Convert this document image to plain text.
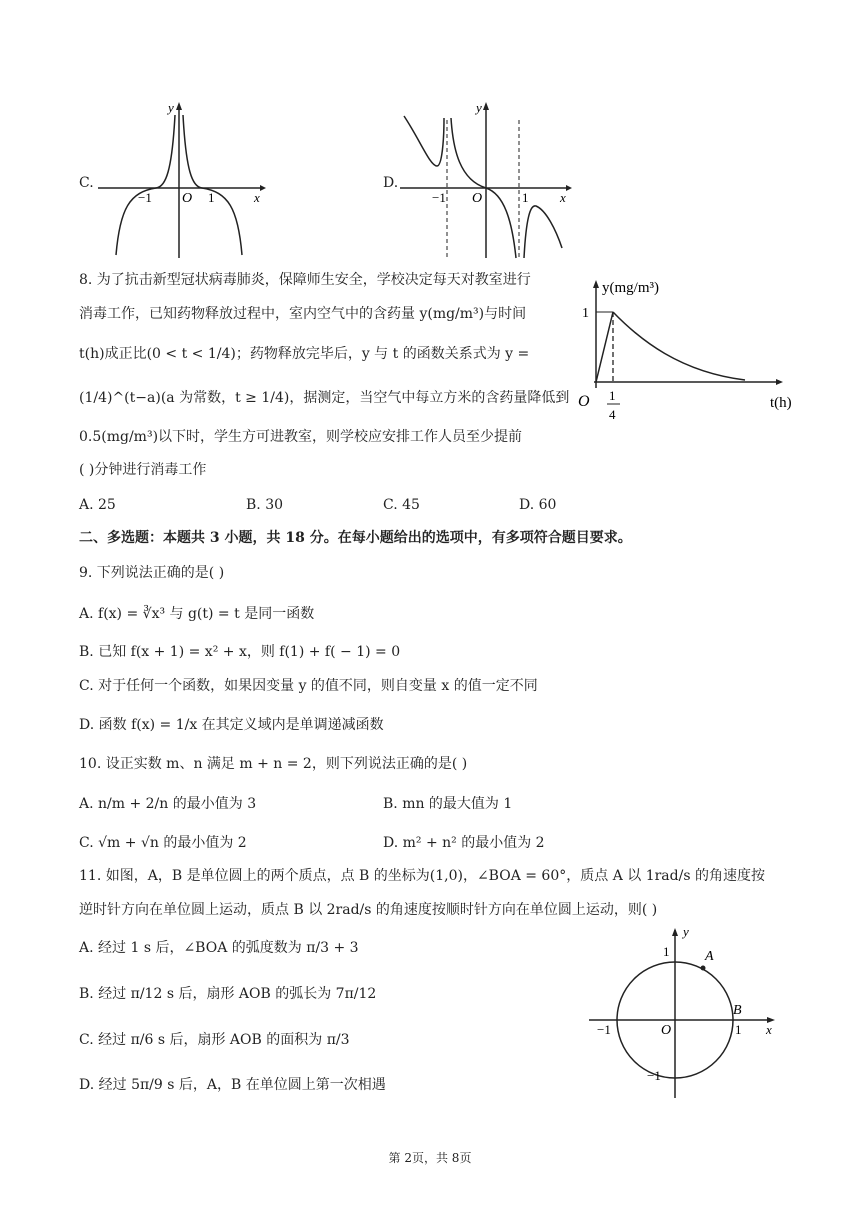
C.
y
x
O
−1	1
D.
y
x
O
−1	1
8. 为了抗击新型冠状病毒肺炎，保障师生安全，学校决定每天对教室进行
消毒工作，已知药物释放过程中，室内空气中的含药量 y(mg/m³)与时间
t(h)成正比(0 < t < 1/4)；药物释放完毕后，y 与 t 的函数关系式为 y =
(1/4)^(t−a)(a 为常数，t ≥ 1/4)，据测定，当空气中每立方米的含药量降低到
0.5(mg/m³)以下时，学生方可进教室，则学校应安排工作人员至少提前
( )分钟进行消毒工作
y(mg/m³)
1
O 1
4
t(h)
A. 25	B. 30	C. 45	D. 60
二、多选题：本题共 3 小题，共 18 分。在每小题给出的选项中，有多项符合题目要求。
9. 下列说法正确的是( )
A. f(x) = ∛x³ 与 g(t) = t 是同一函数
B. 已知 f(x + 1) = x² + x，则 f(1) + f( − 1) = 0
C. 对于任何一个函数，如果因变量 y 的值不同，则自变量 x 的值一定不同
D. 函数 f(x) = 1/x 在其定义域内是单调递减函数
10. 设正实数 m、n 满足 m + n = 2，则下列说法正确的是( )
A. n/m + 2/n 的最小值为 3	B. mn 的最大值为 1
C. √m + √n 的最小值为 2	D. m² + n² 的最小值为 2
11. 如图，A，B 是单位圆上的两个质点，点 B 的坐标为(1,0)，∠BOA = 60°，质点 A 以 1rad/s 的角速度按
逆时针方向在单位圆上运动，质点 B 以 2rad/s 的角速度按顺时针方向在单位圆上运动，则( )
A. 经过 1 s 后，∠BOA 的弧度数为 π/3 + 3
B. 经过 π/12 s 后，扇形 AOB 的弧长为 7π/12
C. 经过 π/6 s 后，扇形 AOB 的面积为 π/3
D. 经过 5π/9 s 后，A，B 在单位圆上第一次相遇
y
x
O
A
B
1
1
−1
−1
第 2页，共 8页
